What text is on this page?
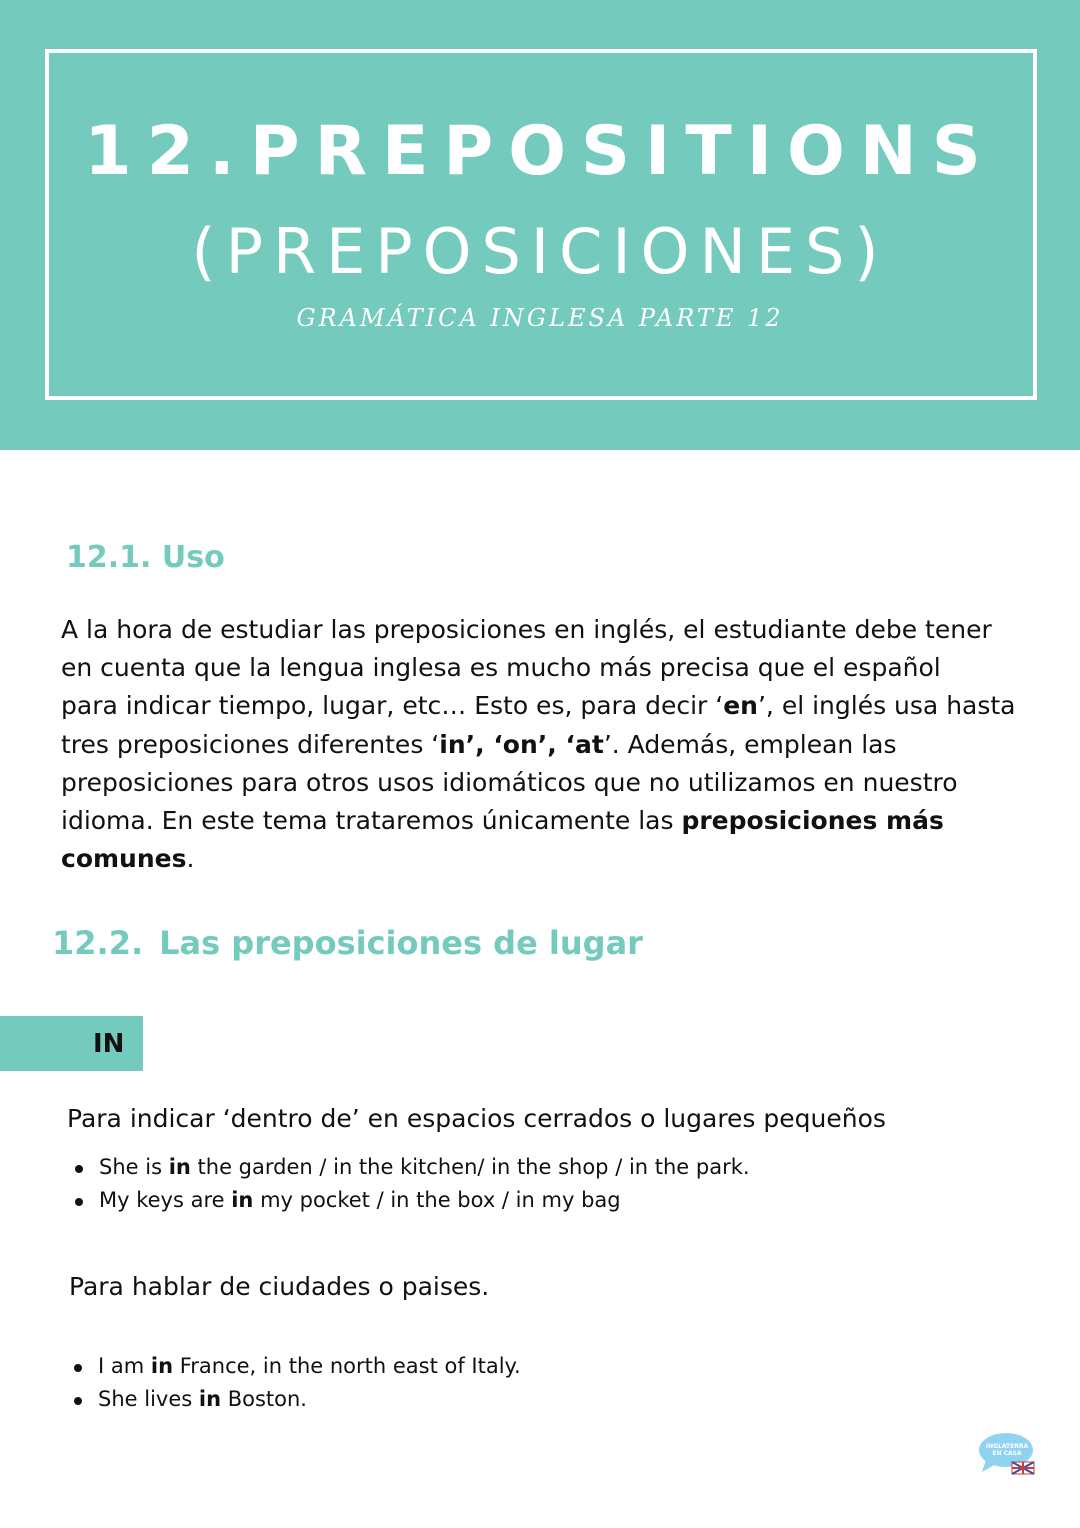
12.PREPOSITIONS
(PREPOSICIONES)
GRAMÁTICA INGLESA PARTE 12
12.1. Uso

A la hora de estudiar las preposiciones en inglés, el estudiante debe tener

en cuenta que la lengua inglesa es mucho más precisa que el español

para indicar tiempo, lugar, etc… Esto es, para decir ‘en’, el inglés usa hasta

tres preposiciones diferentes ‘in’, ‘on’, ‘at’. Además, emplean las

preposiciones para otros usos idiomáticos que no utilizamos en nuestro

idioma. En este tema trataremos únicamente las preposiciones más

comunes.

12.2. Las preposiciones de lugar
IN
Para indicar ‘dentro de’ en espacios cerrados o lugares pequeños
She is in the garden / in the kitchen/ in the shop / in the park.
My keys are in my pocket / in the box / in my bag
Para hablar de ciudades o paises.
I am in France, in the north east of Italy.
She lives in Boston.
INGLATERRA
EN CASA
